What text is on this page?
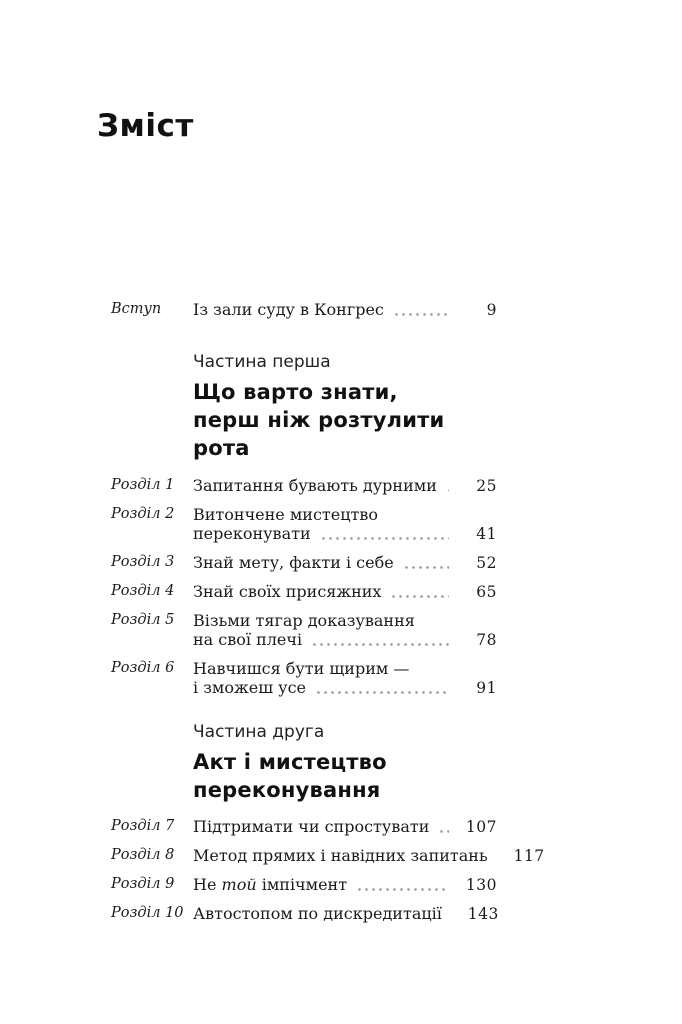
Зміст
Вступ	Із зали суду в Конгрес	9
Частина перша
Що варто знати,
перш ніж розтулити рота
Розділ 1	Запитання бувають дурними	25
Розділ 2	Витончене мистецтво
переконувати	41
Розділ 3	Знай мету, факти і себе	52
Розділ 4	Знай своїх присяжних	65
Розділ 5	Візьми тягар доказування
на свої плечі	78
Розділ 6	Навчишся бути щирим —
і зможеш усе	91
Частина друга
Акт і мистецтво
переконування
Розділ 7	Підтримати чи спростувати 107
Розділ 8	Метод прямих і навідних запитань 117
Розділ 9	Не той імпічмент	130
Розділ 10 Автостопом по дискредитації 143
